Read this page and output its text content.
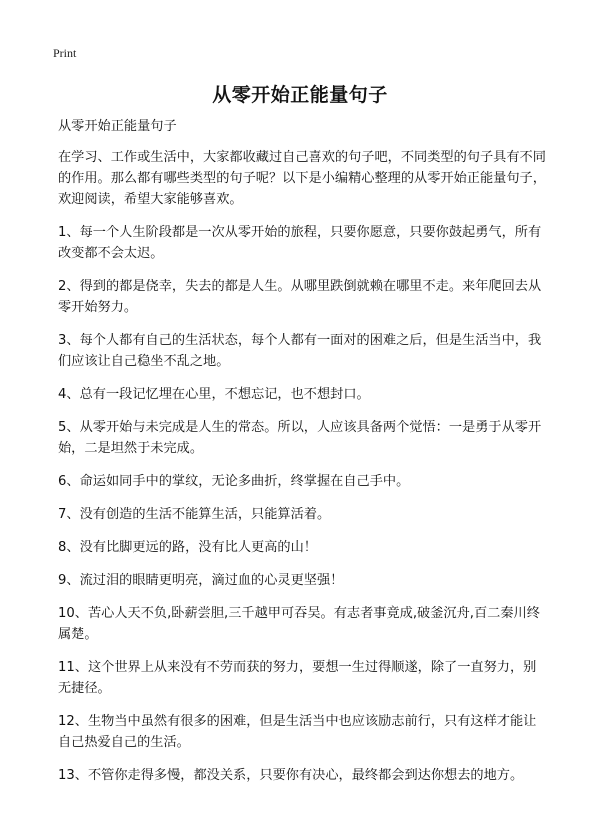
Print
从零开始正能量句子

从零开始正能量句子

在学习、工作或生活中，大家都收藏过自己喜欢的句子吧，不同类型的句子具有不同的作用。那么都有哪些类型的句子呢？以下是小编精心整理的从零开始正能量句子，欢迎阅读，希望大家能够喜欢。

1、每一个人生阶段都是一次从零开始的旅程，只要你愿意，只要你鼓起勇气，所有改变都不会太迟。

2、得到的都是侥幸，失去的都是人生。从哪里跌倒就赖在哪里不走。来年爬回去从零开始努力。

3、每个人都有自己的生活状态，每个人都有一面对的困难之后，但是生活当中，我们应该让自己稳坐不乱之地。

4、总有一段记忆埋在心里，不想忘记，也不想封口。

5、从零开始与未完成是人生的常态。所以，人应该具备两个觉悟：一是勇于从零开始，二是坦然于未完成。

6、命运如同手中的掌纹，无论多曲折，终掌握在自己手中。

7、没有创造的生活不能算生活，只能算活着。

8、没有比脚更远的路，没有比人更高的山！

9、流过泪的眼睛更明亮，滴过血的心灵更坚强！

10、苦心人天不负,卧薪尝胆,三千越甲可吞吴。有志者事竟成,破釜沉舟,百二秦川终属楚。

11、这个世界上从来没有不劳而获的努力，要想一生过得顺遂，除了一直努力，别无捷径。

12、生物当中虽然有很多的困难，但是生活当中也应该励志前行，只有这样才能让自己热爱自己的生活。

13、不管你走得多慢，都没关系，只要你有决心，最终都会到达你想去的地方。
